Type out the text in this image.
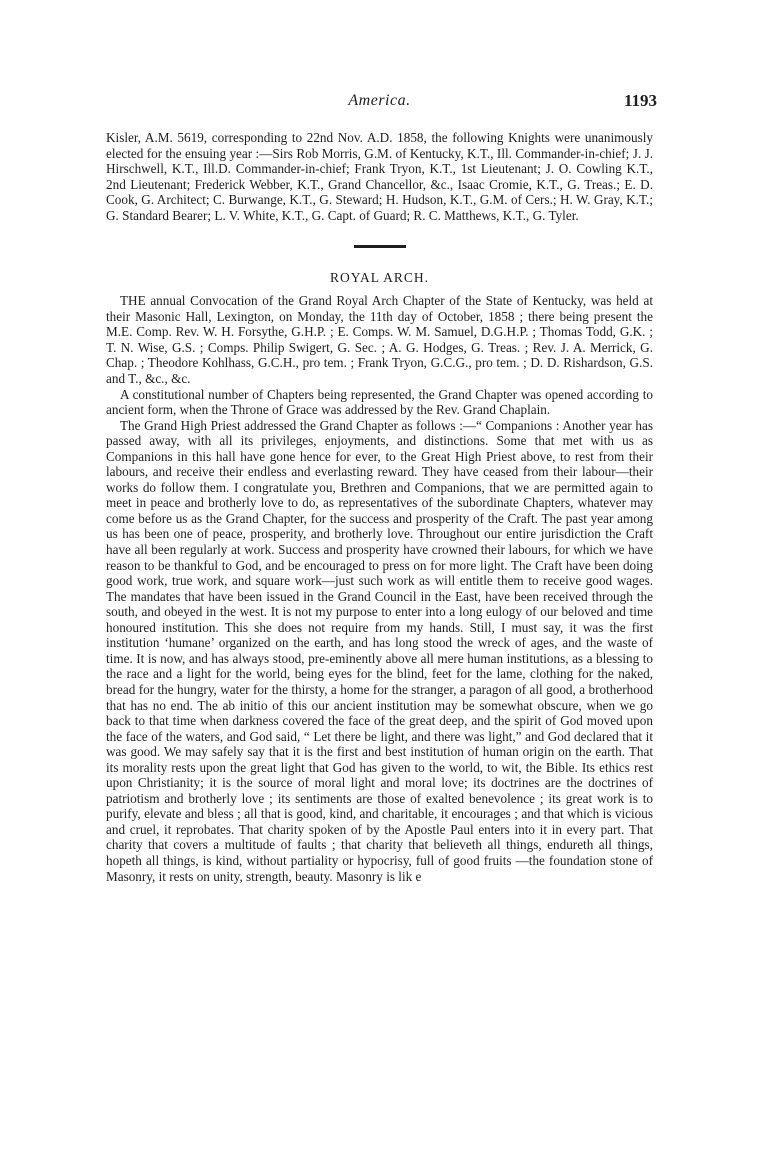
America.	1193

Kisler, A.M. 5619, corresponding to 22nd Nov. A.D. 1858, the following Knights were unanimously elected for the ensuing year :—Sirs Rob Morris, G.M. of Kentucky, K.T., Ill. Commander-in-chief; J. J. Hirschwell, K.T., Ill.D. Commander-in-chief; Frank Tryon, K.T., 1st Lieutenant; J. O. Cowling K.T., 2nd Lieutenant; Frederick Webber, K.T., Grand Chancellor, &c., Isaac Cromie, K.T., G. Treas.; E. D. Cook, G. Architect; C. Burwange, K.T., G. Steward; H. Hudson, K.T., G.M. of Cers.; H. W. Gray, K.T.; G. Standard Bearer; L. V. White, K.T., G. Capt. of Guard; R. C. Matthews, K.T., G. Tyler.

ROYAL ARCH.

THE annual Convocation of the Grand Royal Arch Chapter of the State of Kentucky, was held at their Masonic Hall, Lexington, on Monday, the 11th day of October, 1858 ; there being present the M.E. Comp. Rev. W. H. Forsythe, G.H.P. ; E. Comps. W. M. Samuel, D.G.H.P. ; Thomas Todd, G.K. ; T. N. Wise, G.S. ; Comps. Philip Swigert, G. Sec. ; A. G. Hodges, G. Treas. ; Rev. J. A. Merrick, G. Chap. ; Theodore Kohlhass, G.C.H., pro tem. ; Frank Tryon, G.C.G., pro tem. ; D. D. Rishardson, G.S. and T., &c., &c.

A constitutional number of Chapters being represented, the Grand Chapter was opened according to ancient form, when the Throne of Grace was addressed by the Rev. Grand Chaplain.

The Grand High Priest addressed the Grand Chapter as follows :—“ Companions : Another year has passed away, with all its privileges, enjoyments, and distinctions. Some that met with us as Companions in this hall have gone hence for ever, to the Great High Priest above, to rest from their labours, and receive their endless and everlasting reward. They have ceased from their labour—their works do follow them. I congratulate you, Brethren and Companions, that we are permitted again to meet in peace and brotherly love to do, as representatives of the subordinate Chapters, whatever may come before us as the Grand Chapter, for the success and prosperity of the Craft. The past year among us has been one of peace, prosperity, and brotherly love. Throughout our entire jurisdiction the Craft have all been regularly at work. Success and prosperity have crowned their labours, for which we have reason to be thankful to God, and be encouraged to press on for more light. The Craft have been doing good work, true work, and square work—just such work as will entitle them to receive good wages. The mandates that have been issued in the Grand Council in the East, have been received through the south, and obeyed in the west. It is not my purpose to enter into a long eulogy of our beloved and time honoured institution. This she does not require from my hands. Still, I must say, it was the first institution ‘humane’ organized on the earth, and has long stood the wreck of ages, and the waste of time. It is now, and has always stood, pre-eminently above all mere human institutions, as a blessing to the race and a light for the world, being eyes for the blind, feet for the lame, clothing for the naked, bread for the hungry, water for the thirsty, a home for the stranger, a paragon of all good, a brotherhood that has no end. The ab initio of this our ancient institution may be somewhat obscure, when we go back to that time when darkness covered the face of the great deep, and the spirit of God moved upon the face of the waters, and God said, “ Let there be light, and there was light,” and God declared that it was good. We may safely say that it is the first and best institution of human origin on the earth. That its morality rests upon the great light that God has given to the world, to wit, the Bible. Its ethics rest upon Christianity; it is the source of moral light and moral love; its doctrines are the doctrines of patriotism and brotherly love ; its sentiments are those of exalted benevolence ; its great work is to purify, elevate and bless ; all that is good, kind, and charitable, it encourages ; and that which is vicious and cruel, it reprobates. That charity spoken of by the Apostle Paul enters into it in every part. That charity that covers a multitude of faults ; that charity that believeth all things, endureth all things, hopeth all things, is kind, without partiality or hypocrisy, full of good fruits —the foundation stone of Masonry, it rests on unity, strength, beauty. Masonry is lik e
